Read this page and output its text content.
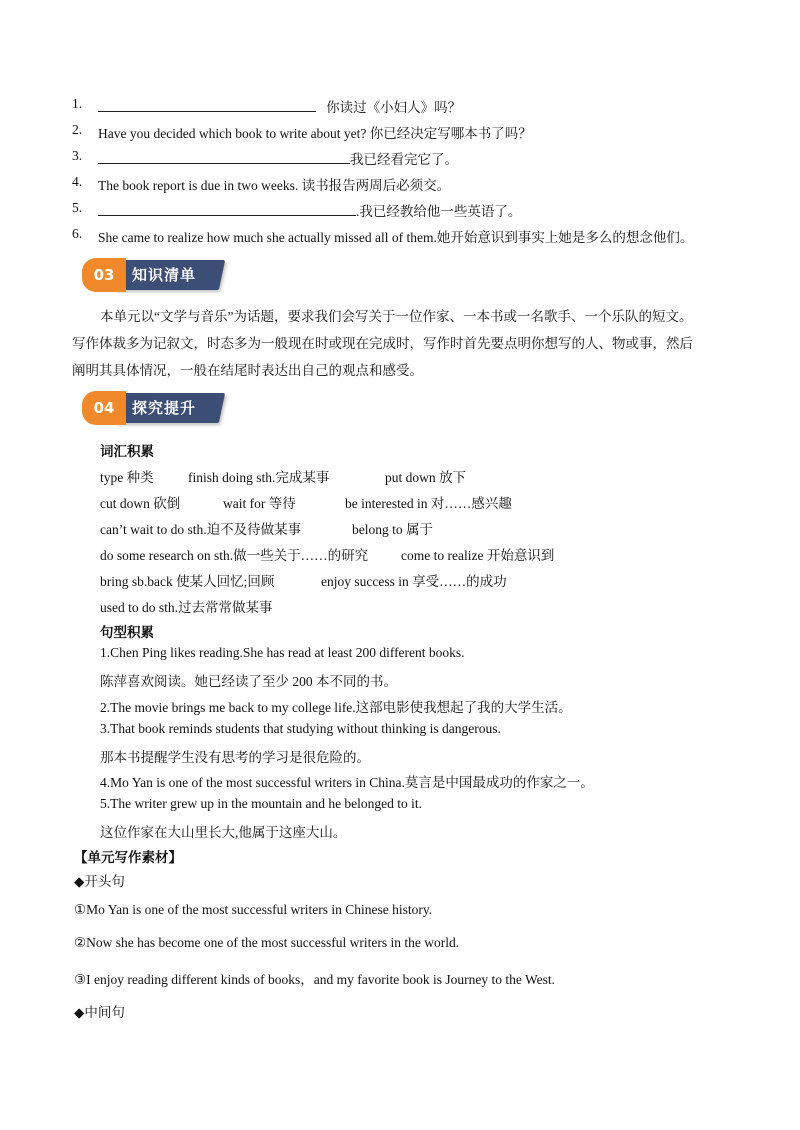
1.	你读过《小妇人》吗？
2. Have you decided which book to write about yet? 你已经决定写哪本书了吗？
3.	我已经看完它了。
4. The book report is due in two weeks. 读书报告两周后必须交。
5.	.我已经教给他一些英语了。
6. She came to realize how much she actually missed all of them.她开始意识到事实上她是多么的想念他们。
03	知识清单
本单元以“文学与音乐”为话题，要求我们会写关于一位作家、一本书或一名歌手、一个乐队的短文。
写作体裁多为记叙文，时态多为一般现在时或现在完成时，写作时首先要点明你想写的人、物或事，然后
阐明其具体情况，一般在结尾时表达出自己的观点和感受。
04	探究提升
词汇积累
type 种类	finish doing sth.完成某事	put down 放下
cut down 砍倒	wait for 等待	be interested in 对……感兴趣
can’t wait to do sth.迫不及待做某事	belong to 属于
do some research on sth.做一些关于……的研究 come to realize 开始意识到
bring sb.back 使某人回忆;回顾	enjoy success in 享受……的成功
used to do sth.过去常常做某事
句型积累
1.Chen Ping likes reading.She has read at least 200 different books.
陈萍喜欢阅读。她已经读了至少 200 本不同的书。
2.The movie brings me back to my college life.这部电影使我想起了我的大学生活。
3.That book reminds students that studying without thinking is dangerous.
那本书提醒学生没有思考的学习是很危险的。
4.Mo Yan is one of the most successful writers in China.莫言是中国最成功的作家之一。
5.The writer grew up in the mountain and he belonged to it.
这位作家在大山里长大,他属于这座大山。
【单元写作素材】
◆开头句
①Mo Yan is one of the most successful writers in Chinese history.
②Now she has become one of the most successful writers in the world.
③I enjoy reading different kinds of books，and my favorite book is Journey to the West.
◆中间句
